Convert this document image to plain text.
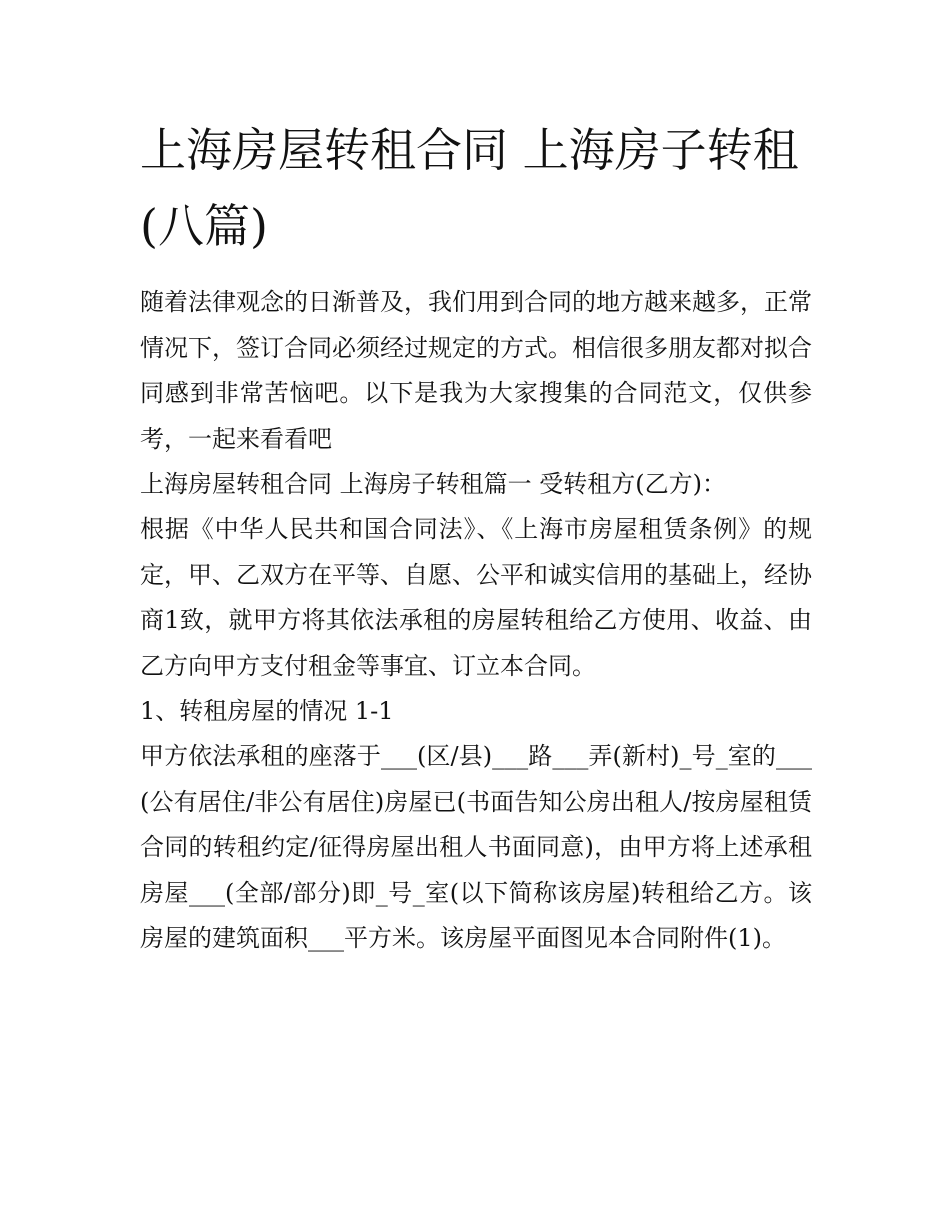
上海房屋转租合同 上海房子转租(八篇)

随着法律观念的日渐普及，我们用到合同的地方越来越多，正常情况下，签订合同必须经过规定的方式。相信很多朋友都对拟合同感到非常苦恼吧。以下是我为大家搜集的合同范文，仅供参考，一起来看看吧

上海房屋转租合同 上海房子转租篇一 受转租方(乙方)：

根据《中华人民共和国合同法》、《上海市房屋租赁条例》的规定，甲、乙双方在平等、自愿、公平和诚实信用的基础上，经协商1致，就甲方将其依法承租的房屋转租给乙方使用、收益、由乙方向甲方支付租金等事宜、订立本合同。

1、转租房屋的情况 1-1

甲方依法承租的座落于___(区/县)___路___弄(新村)_号_室的___(公有居住/非公有居住)房屋已(书面告知公房出租人/按房屋租赁合同的转租约定/征得房屋出租人书面同意)，由甲方将上述承租房屋___(全部/部分)即_号_室(以下简称该房屋)转租给乙方。该房屋的建筑面积___平方米。该房屋平面图见本合同附件(1)。
